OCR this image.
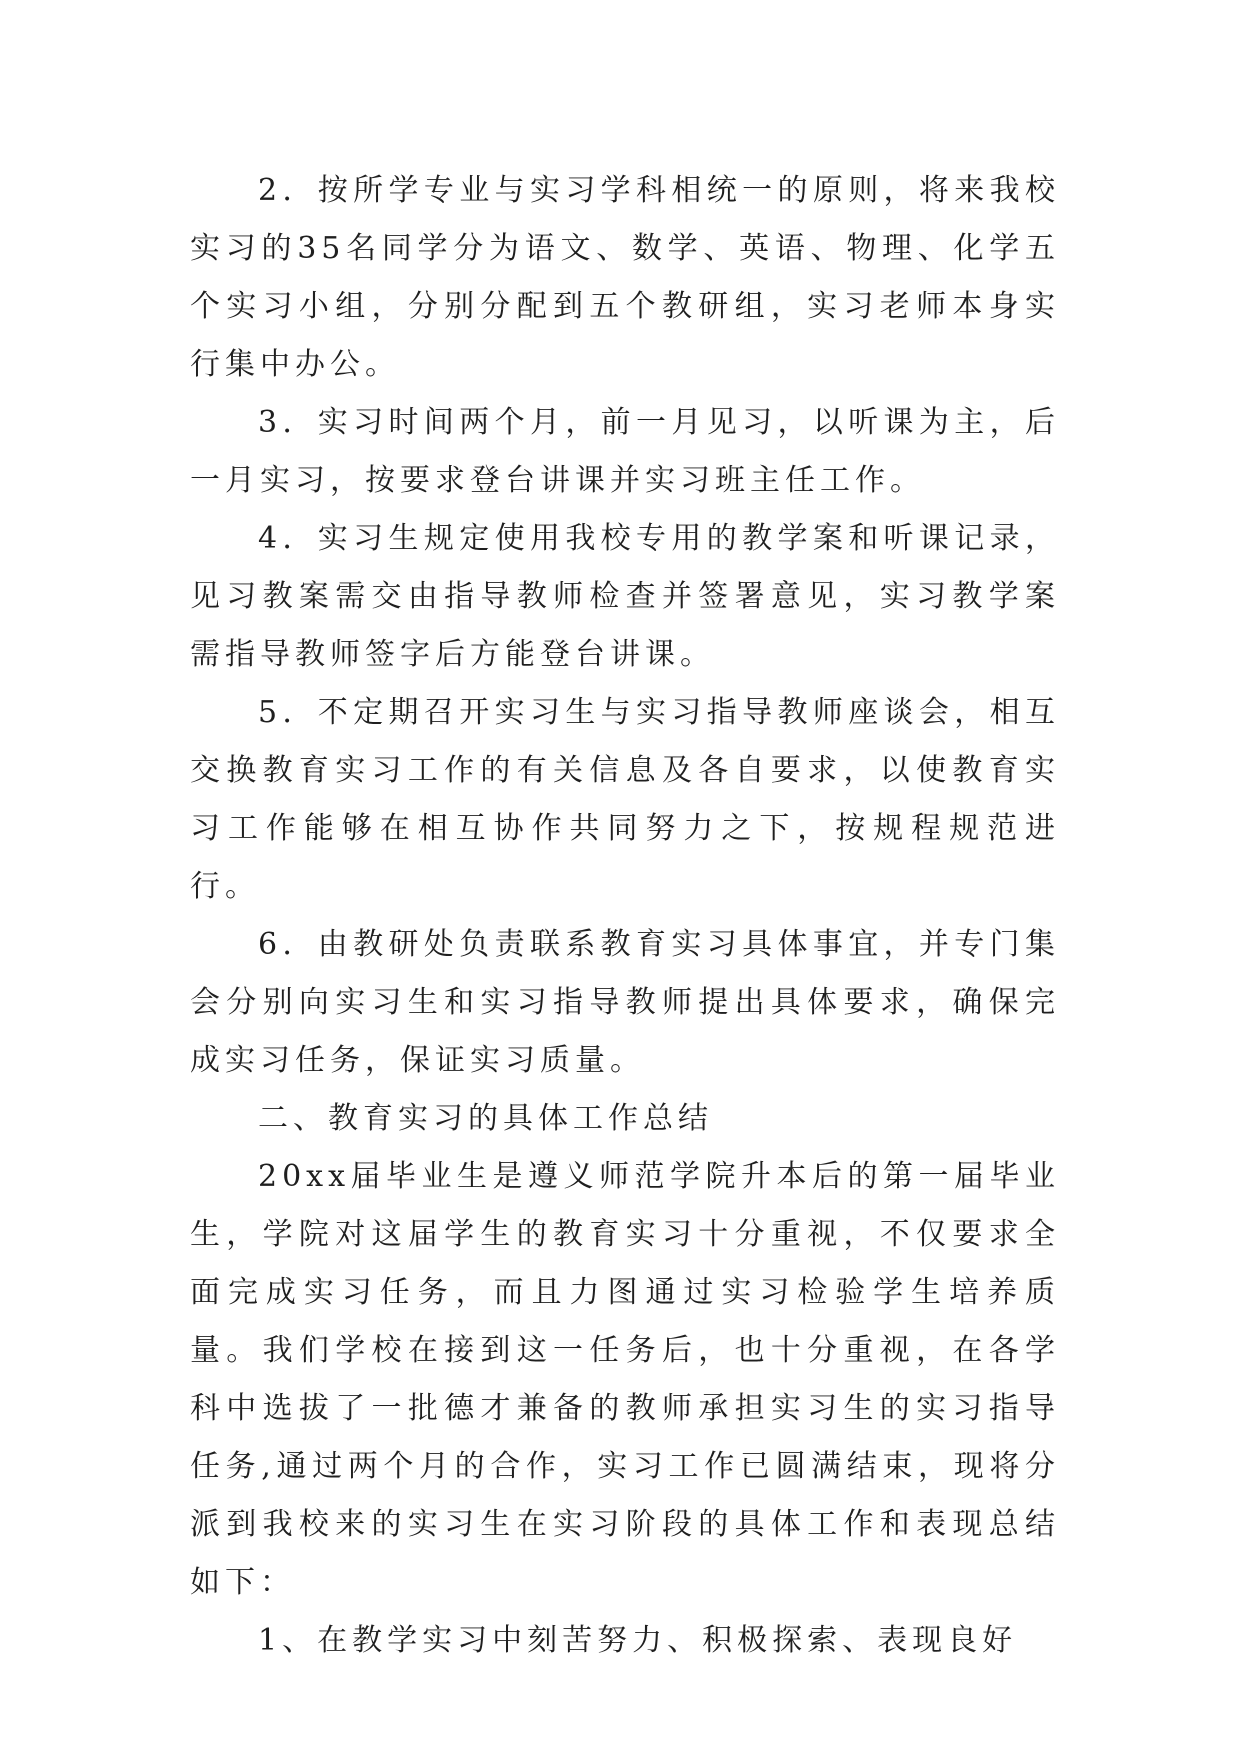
2．按所学专业与实习学科相统一的原则，将来我校实习的35名同学分为语文、数学、英语、物理、化学五个实习小组，分别分配到五个教研组，实习老师本身实行集中办公。

3．实习时间两个月，前一月见习，以听课为主，后一月实习，按要求登台讲课并实习班主任工作。

4．实习生规定使用我校专用的教学案和听课记录，见习教案需交由指导教师检查并签署意见，实习教学案需指导教师签字后方能登台讲课。

5．不定期召开实习生与实习指导教师座谈会，相互交换教育实习工作的有关信息及各自要求，以使教育实习工作能够在相互协作共同努力之下，按规程规范进行。

6．由教研处负责联系教育实习具体事宜，并专门集会分别向实习生和实习指导教师提出具体要求，确保完成实习任务，保证实习质量。

二、教育实习的具体工作总结

20xx届毕业生是遵义师范学院升本后的第一届毕业生，学院对这届学生的教育实习十分重视，不仅要求全面完成实习任务，而且力图通过实习检验学生培养质量。我们学校在接到这一任务后，也十分重视，在各学科中选拔了一批德才兼备的教师承担实习生的实习指导任务,通过两个月的合作，实习工作已圆满结束，现将分派到我校来的实习生在实习阶段的具体工作和表现总结如下：

1、在教学实习中刻苦努力、积极探索、表现良好
